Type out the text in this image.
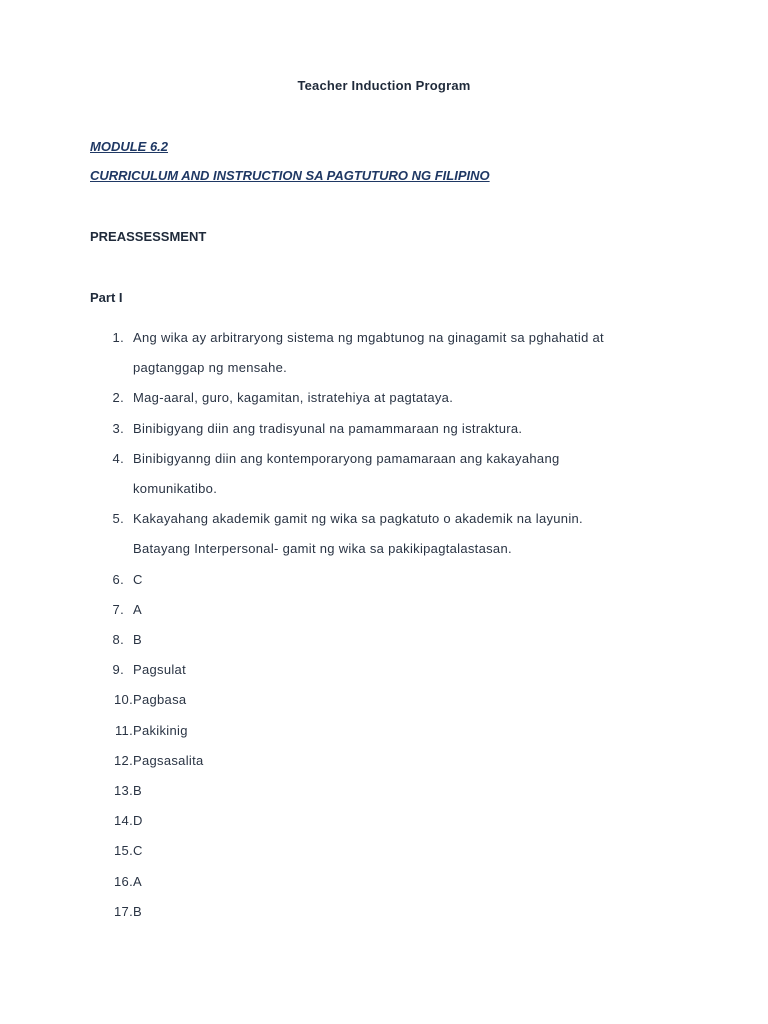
Teacher Induction Program
MODULE 6.2
CURRICULUM AND INSTRUCTION SA PAGTUTURO NG FILIPINO
PREASSESSMENT
Part I
1. Ang wika ay arbitraryong sistema ng mgabtunog na ginagamit sa pghahatid at
pagtanggap ng mensahe.
2. Mag-aaral, guro, kagamitan, istratehiya at pagtataya.
3. Binibigyang diin ang tradisyunal na pamammaraan ng istraktura.
4. Binibigyanng diin ang kontemporaryong pamamaraan ang kakayahang
komunikatibo.
5. Kakayahang akademik gamit ng wika sa pagkatuto o akademik na layunin.
Batayang Interpersonal- gamit ng wika sa pakikipagtalastasan.
6. C
7. A
8. B
9. Pagsulat
10. Pagbasa
11. Pakikinig
12. Pagsasalita
13. B
14. D
15. C
16. A
17. B
